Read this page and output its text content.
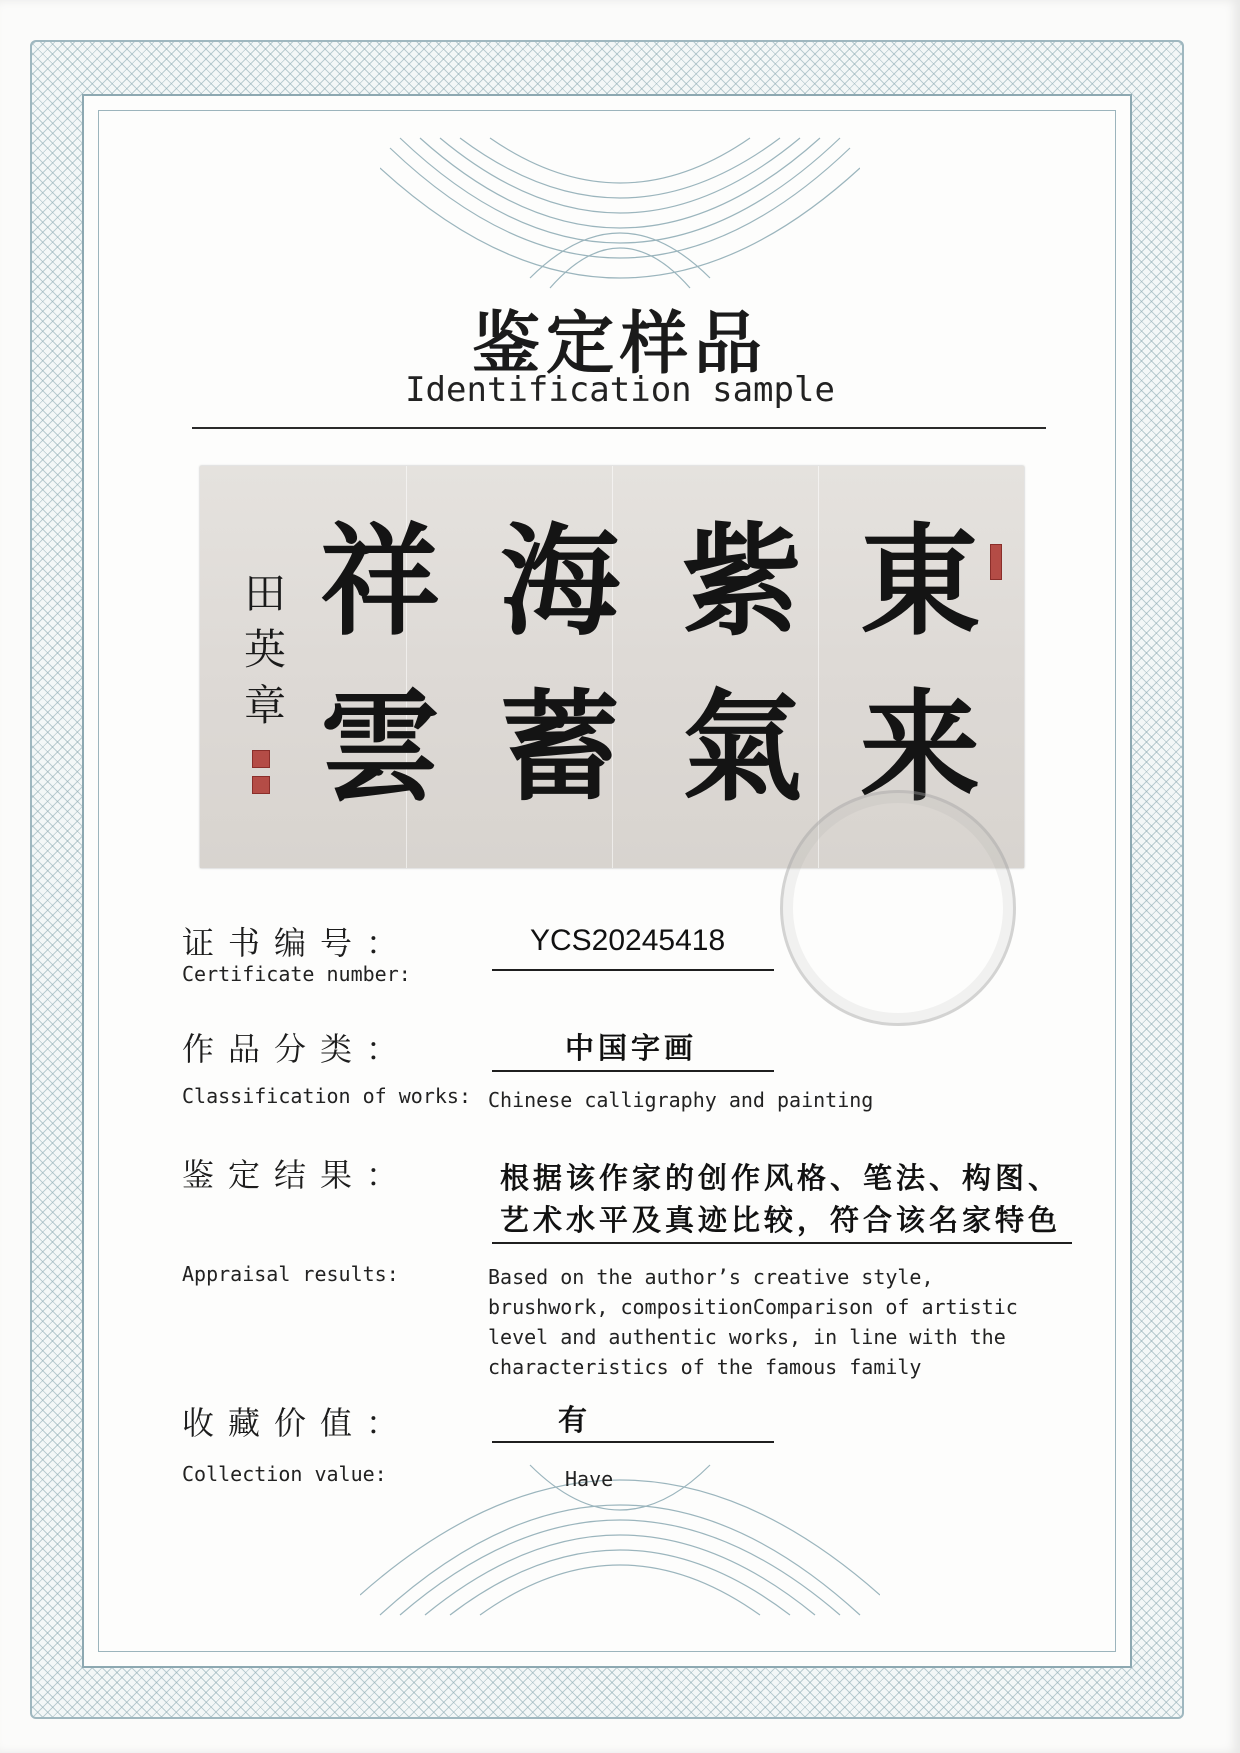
鉴定样品
Identification sample
東
来
紫
氣
海
蓄
祥
雲
田英章
证书编号：
Certificate number:
YCS20245418
作品分类：
Classification of works:
中国字画
Chinese calligraphy and painting
鉴定结果：
Appraisal results:
根据该作家的创作风格、笔法、构图、
艺术水平及真迹比较，符合该名家特色
Based on the author’s creative style,
brushwork, compositionComparison of artistic
level and authentic works, in line with the
characteristics of the famous family
收藏价值：
Collection value:
有
Have
